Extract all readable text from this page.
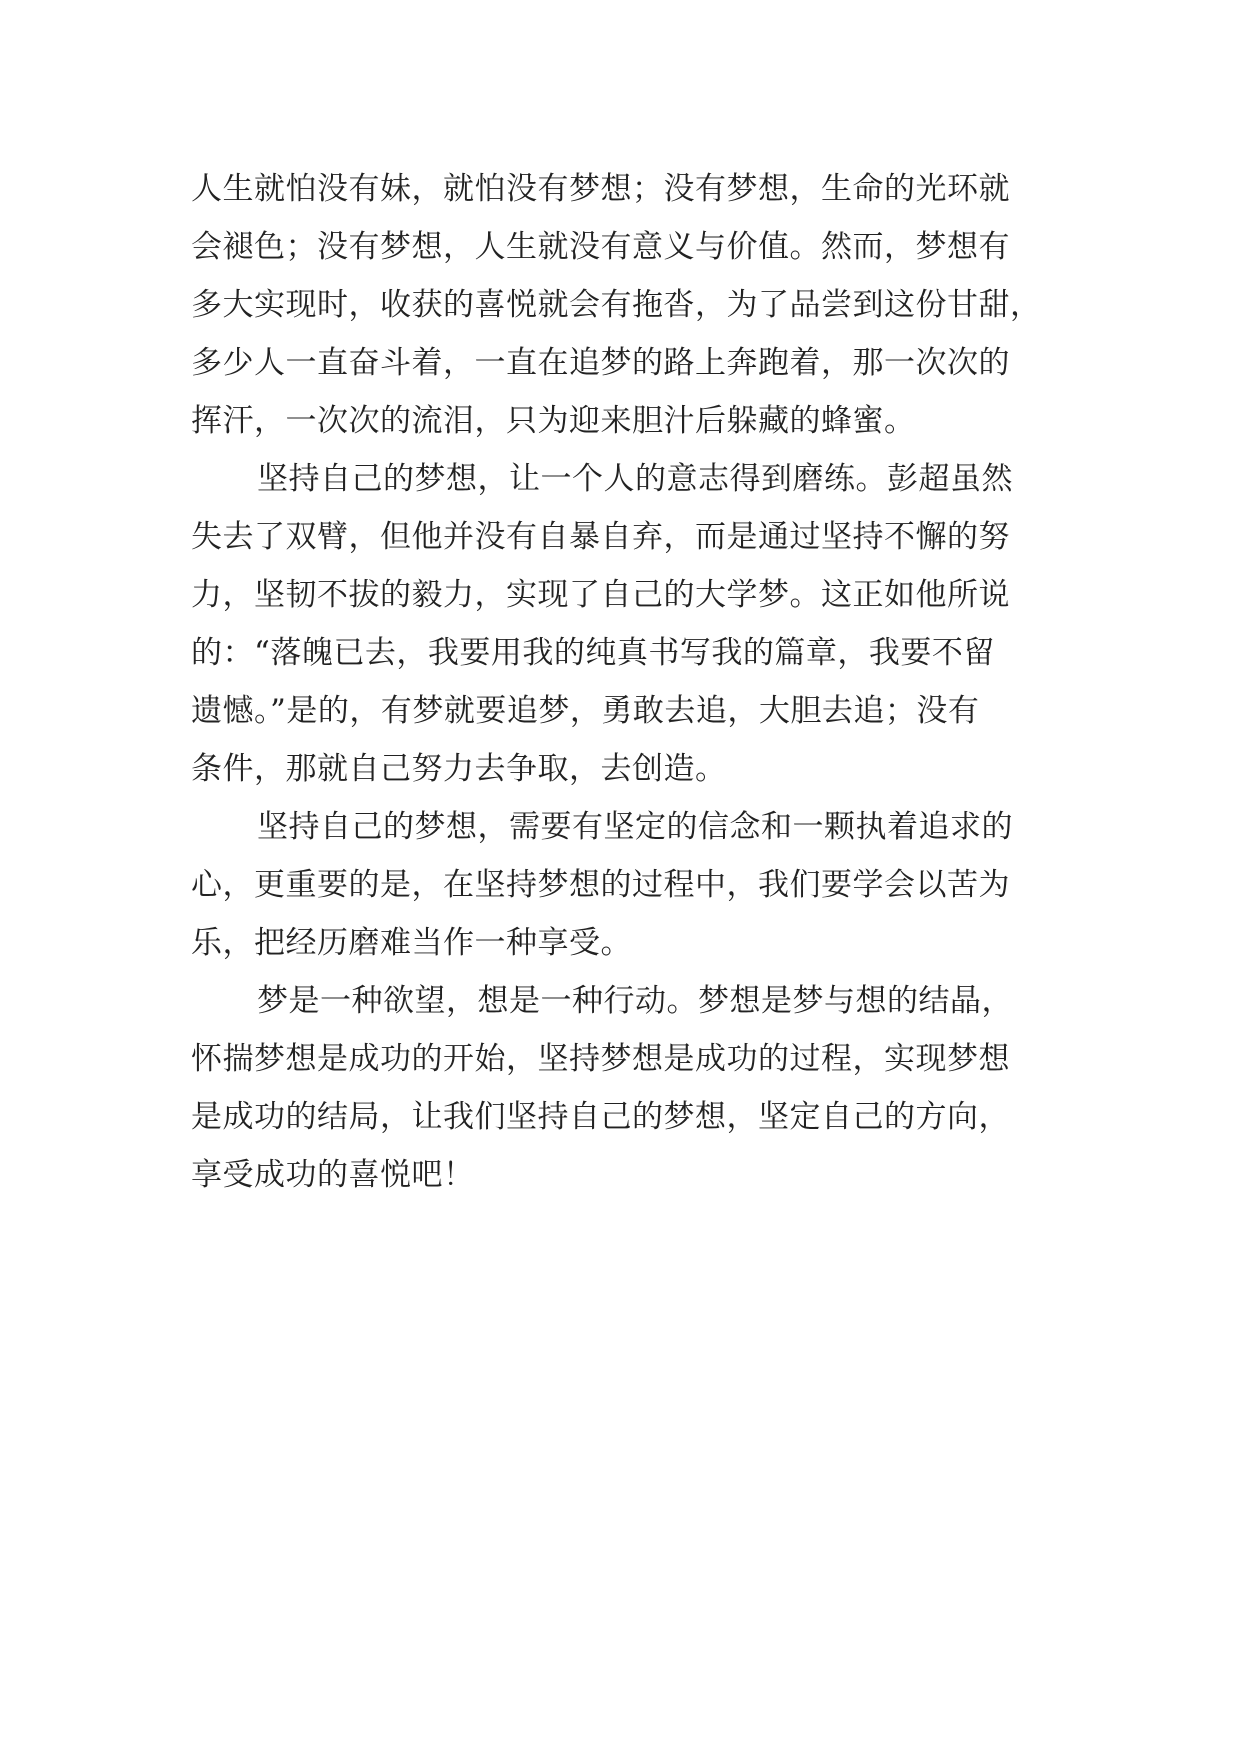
人生就怕没有妹，就怕没有梦想；没有梦想，生命的光环就
会褪色；没有梦想，人生就没有意义与价值。然而，梦想有
多大实现时，收获的喜悦就会有拖沓，为了品尝到这份甘甜，
多少人一直奋斗着，一直在追梦的路上奔跑着，那一次次的
挥汗，一次次的流泪，只为迎来胆汁后躲藏的蜂蜜。
坚持自己的梦想，让一个人的意志得到磨练。彭超虽然
失去了双臂，但他并没有自暴自弃，而是通过坚持不懈的努
力，坚韧不拔的毅力，实现了自己的大学梦。这正如他所说
的：“落魄已去，我要用我的纯真书写我的篇章，我要不留
遗憾。”是的，有梦就要追梦，勇敢去追，大胆去追；没有
条件，那就自己努力去争取，去创造。
坚持自己的梦想，需要有坚定的信念和一颗执着追求的
心，更重要的是，在坚持梦想的过程中，我们要学会以苦为
乐，把经历磨难当作一种享受。
梦是一种欲望，想是一种行动。梦想是梦与想的结晶，
怀揣梦想是成功的开始，坚持梦想是成功的过程，实现梦想
是成功的结局，让我们坚持自己的梦想，坚定自己的方向，
享受成功的喜悦吧！
